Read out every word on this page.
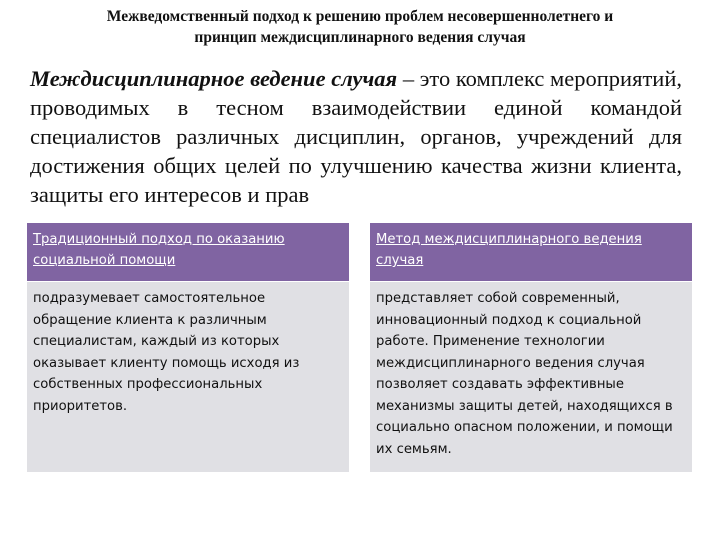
Межведомственный подход к решению проблем несовершеннолетнего и
принцип междисциплинарного ведения случая

Междисциплинарное ведение случая – это комплекс мероприятий, проводимых в тесном взаимодействии единой командой специалистов различных дисциплин, органов, учреждений для достижения общих целей по улучшению качества жизни клиента, защиты его интересов и прав

Традиционный подход по оказанию социальной помощи		Метод междисциплинарного ведения случая
подразумевает самостоятельное обращение клиента к различным специалистам, каждый из которых оказывает клиенту помощь исходя из собственных профессиональных приоритетов.		представляет собой современный, инновационный подход к социальной работе. Применение технологии междисциплинарного ведения случая позволяет создавать эффективные механизмы защиты детей, находящихся в социально опасном положении, и помощи их семьям.
